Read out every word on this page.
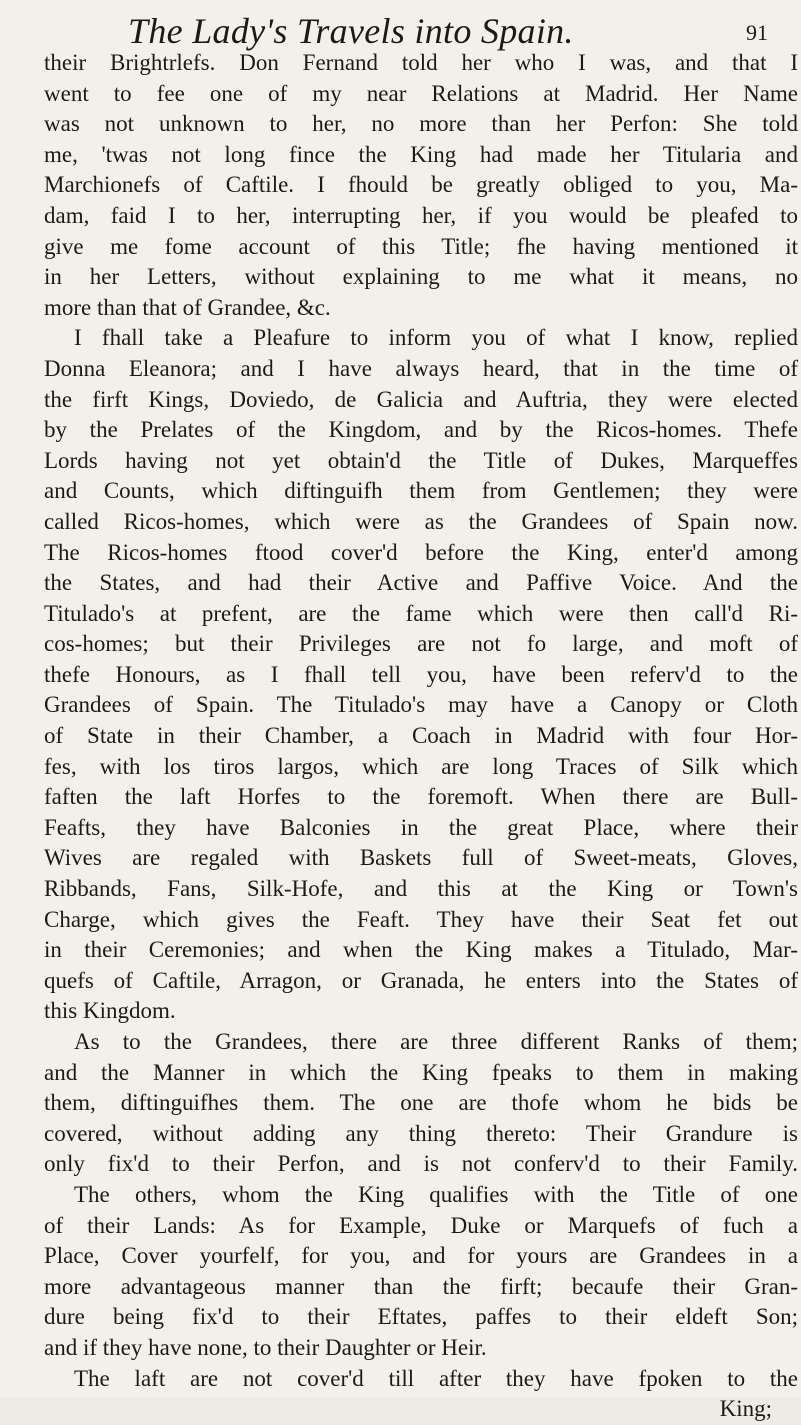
The Lady's Travels into Spain.	91
their Brightrlefs. Don Fernand told her who I was, and that I
went to fee one of my near Relations at Madrid. Her Name
was not unknown to her, no more than her Perfon: She told
me, 'twas not long fince the King had made her Titularia and
Marchionefs of Caftile. I fhould be greatly obliged to you, Ma-
dam, faid I to her, interrupting her, if you would be pleafed to
give me fome account of this Title; fhe having mentioned it
in her Letters, without explaining to me what it means, no
more than that of Grandee, &c.
I fhall take a Pleafure to inform you of what I know, replied
Donna Eleanora; and I have always heard, that in the time of
the firft Kings, Doviedo, de Galicia and Auftria, they were elected
by the Prelates of the Kingdom, and by the Ricos-homes. Thefe
Lords having not yet obtain'd the Title of Dukes, Marqueffes
and Counts, which diftinguifh them from Gentlemen; they were
called Ricos-homes, which were as the Grandees of Spain now.
The Ricos-homes ftood cover'd before the King, enter'd among
the States, and had their Active and Paffive Voice. And the
Titulado's at prefent, are the fame which were then call'd Ri-
cos-homes; but their Privileges are not fo large, and moft of
thefe Honours, as I fhall tell you, have been referv'd to the
Grandees of Spain. The Titulado's may have a Canopy or Cloth
of State in their Chamber, a Coach in Madrid with four Hor-
fes, with los tiros largos, which are long Traces of Silk which
faften the laft Horfes to the foremoft. When there are Bull-
Feafts, they have Balconies in the great Place, where their
Wives are regaled with Baskets full of Sweet-meats, Gloves,
Ribbands, Fans, Silk-Hofe, and this at the King or Town's
Charge, which gives the Feaft. They have their Seat fet out
in their Ceremonies; and when the King makes a Titulado, Mar-
quefs of Caftile, Arragon, or Granada, he enters into the States of
this Kingdom.
As to the Grandees, there are three different Ranks of them;
and the Manner in which the King fpeaks to them in making
them, diftinguifhes them. The one are thofe whom he bids be
covered, without adding any thing thereto: Their Grandure is
only fix'd to their Perfon, and is not conferv'd to their Family.
The others, whom the King qualifies with the Title of one
of their Lands: As for Example, Duke or Marquefs of fuch a
Place, Cover yourfelf, for you, and for yours are Grandees in a
more advantageous manner than the firft; becaufe their Gran-
dure being fix'd to their Eftates, paffes to their eldeft Son;
and if they have none, to their Daughter or Heir.
The laft are not cover'd till after they have fpoken to the
King;
